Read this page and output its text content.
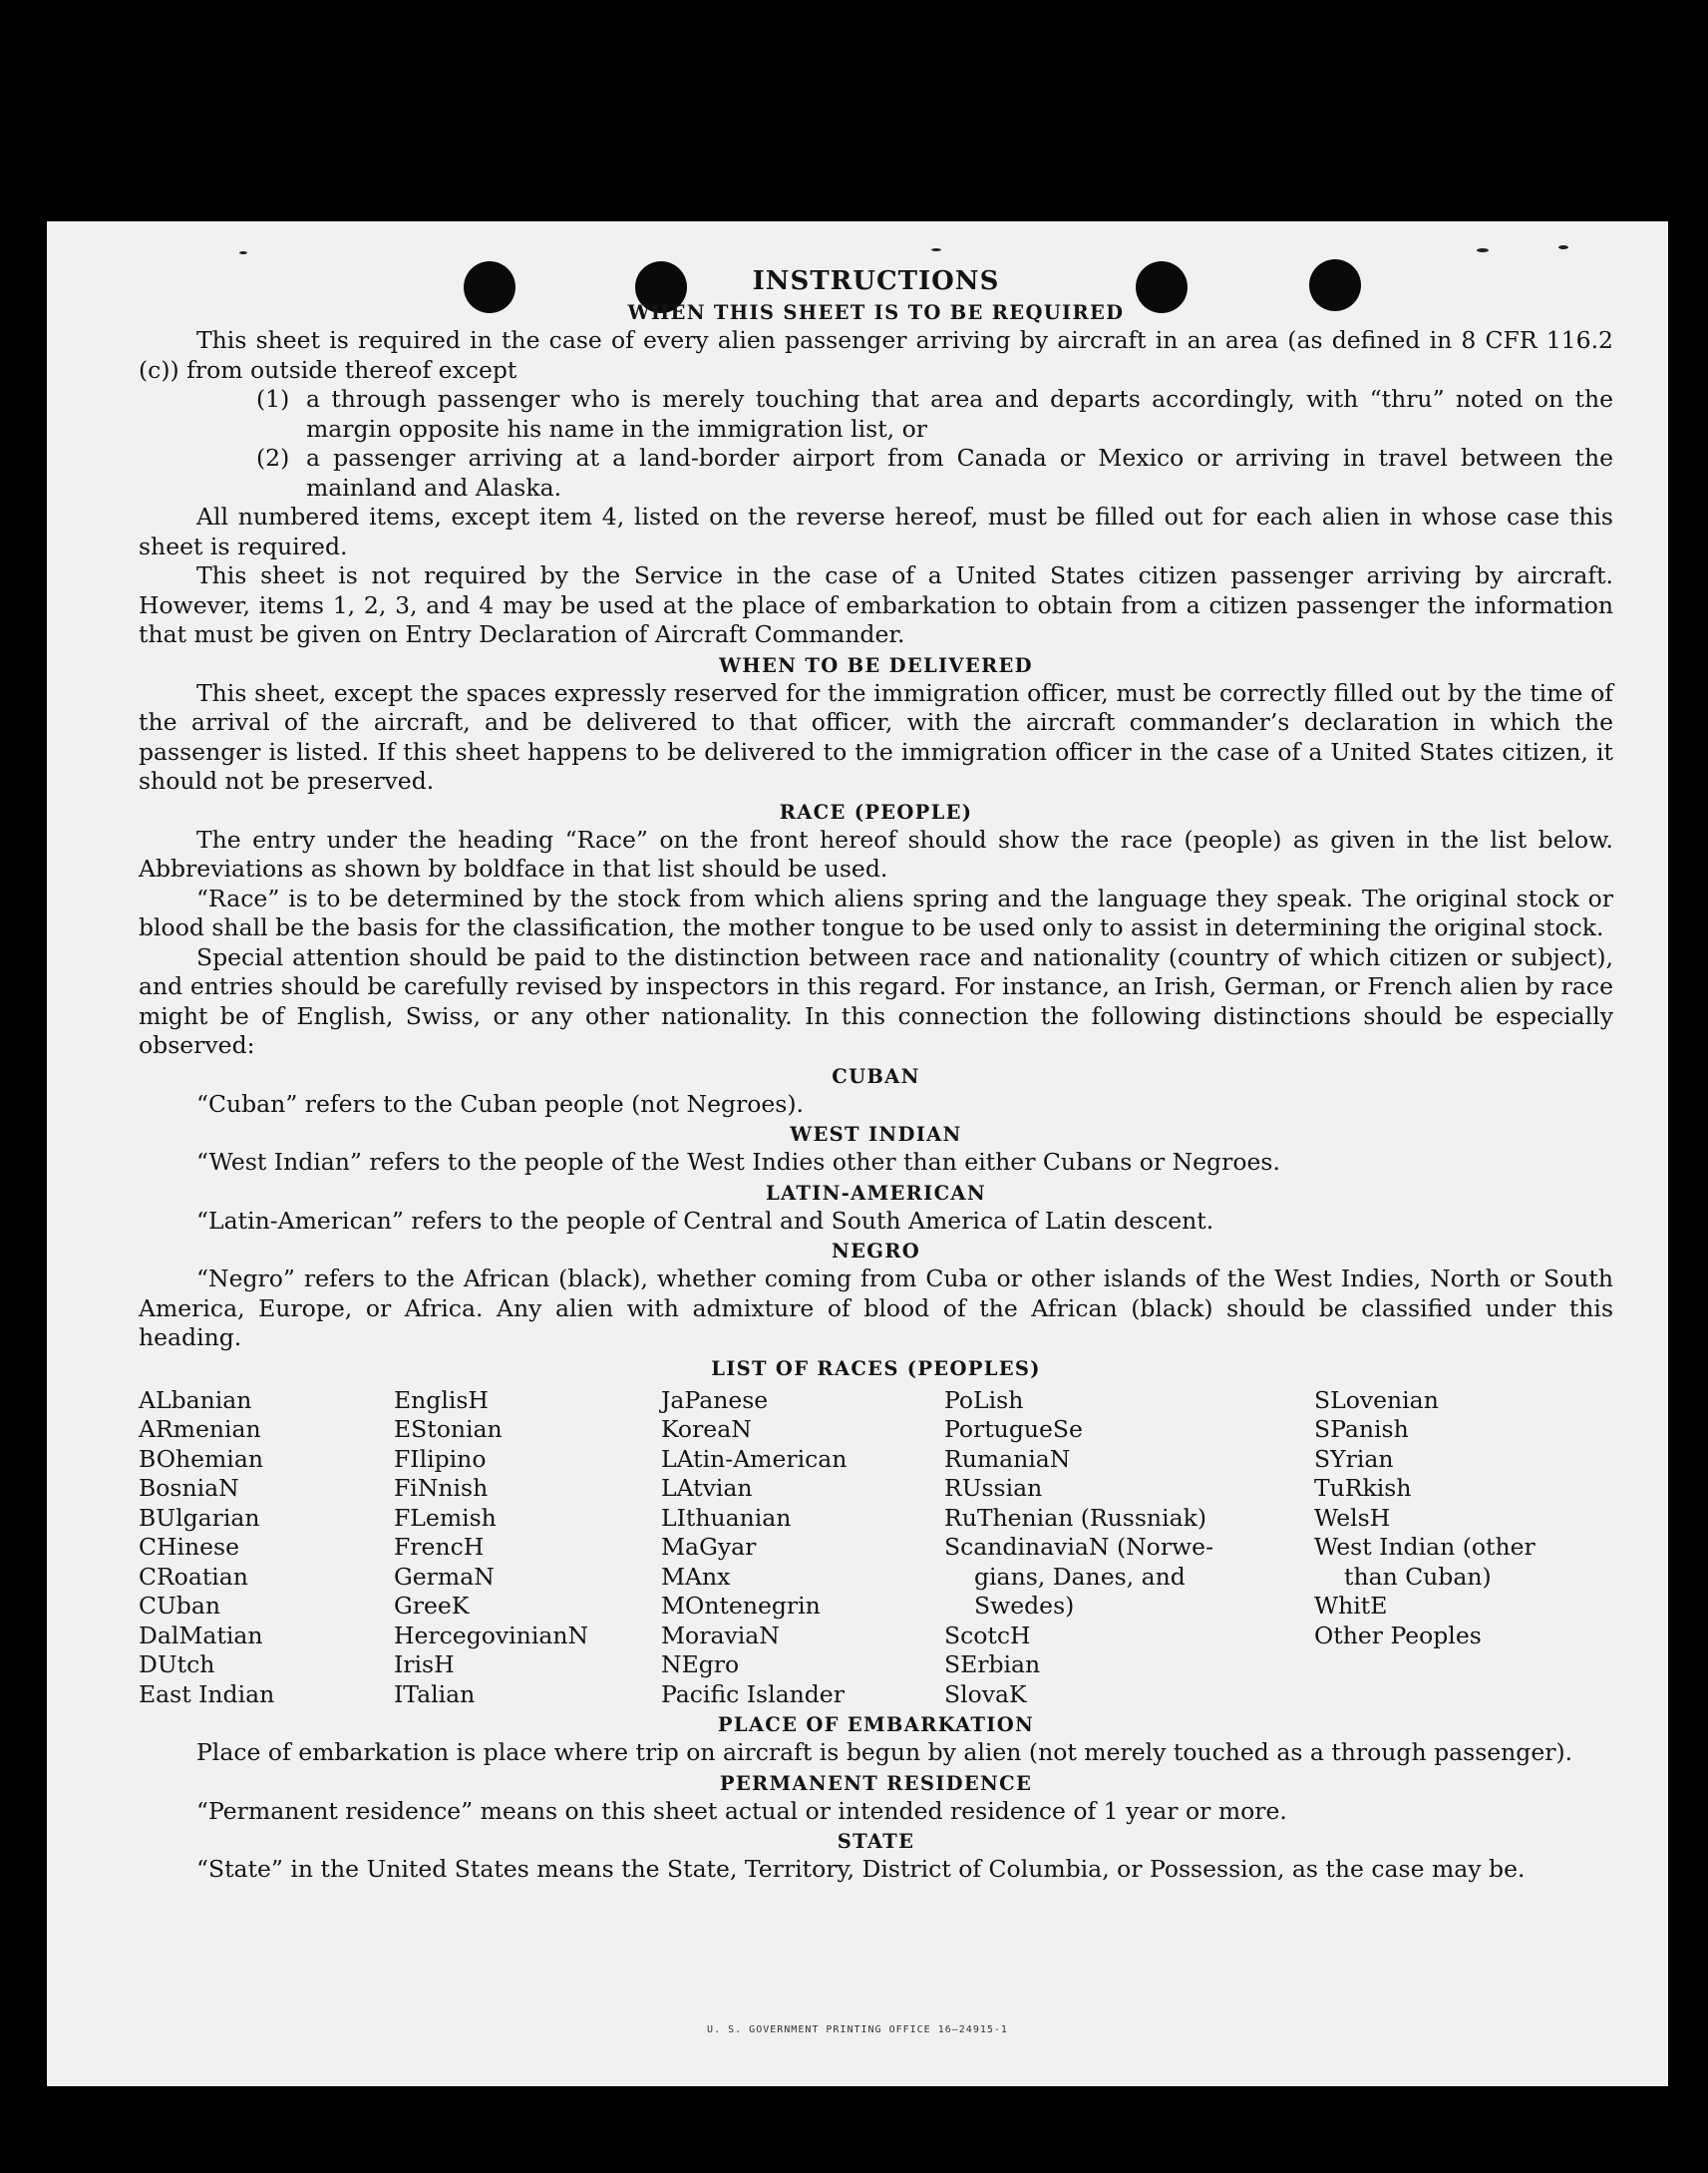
INSTRUCTIONS
WHEN THIS SHEET IS TO BE REQUIRED

This sheet is required in the case of every alien passenger arriving by aircraft in an area (as defined in 8 CFR 116.2 (c)) from outside thereof except

(1) a through passenger who is merely touching that area and departs accordingly, with “thru” noted on the margin opposite his name in the immigration list, or
(2) a passenger arriving at a land-border airport from Canada or Mexico or arriving in travel between the mainland and Alaska.

All numbered items, except item 4, listed on the reverse hereof, must be filled out for each alien in whose case this sheet is required.

This sheet is not required by the Service in the case of a United States citizen passenger arriving by aircraft. However, items 1, 2, 3, and 4 may be used at the place of embarkation to obtain from a citizen passenger the information that must be given on Entry Declaration of Aircraft Commander.

WHEN TO BE DELIVERED

This sheet, except the spaces expressly reserved for the immigration officer, must be correctly filled out by the time of the arrival of the aircraft, and be delivered to that officer, with the aircraft commander’s declaration in which the passenger is listed. If this sheet happens to be delivered to the immigration officer in the case of a United States citizen, it should not be preserved.

RACE (PEOPLE)

The entry under the heading “Race” on the front hereof should show the race (people) as given in the list below. Abbreviations as shown by boldface in that list should be used.

“Race” is to be determined by the stock from which aliens spring and the language they speak. The original stock or blood shall be the basis for the classification, the mother tongue to be used only to assist in determining the original stock.

Special attention should be paid to the distinction between race and nationality (country of which citizen or subject), and entries should be carefully revised by inspectors in this regard. For instance, an Irish, German, or French alien by race might be of English, Swiss, or any other nationality. In this connection the following distinctions should be especially observed:

CUBAN

“Cuban” refers to the Cuban people (not Negroes).

WEST INDIAN

“West Indian” refers to the people of the West Indies other than either Cubans or Negroes.

LATIN-AMERICAN

“Latin-American” refers to the people of Central and South America of Latin descent.

NEGRO

“Negro” refers to the African (black), whether coming from Cuba or other islands of the West Indies, North or South America, Europe, or Africa. Any alien with admixture of blood of the African (black) should be classified under this heading.

LIST OF RACES (PEOPLES)
ALbanian
ARmenian
BOhemian
BosniaN
BUlgarian
CHinese
CRoatian
CUban
DalMatian
DUtch
East Indian
EnglisH
EStonian
FIlipino
FiNnish
FLemish
FrencH
GermaN
GreeK
HercegovinianN
IrisH
ITalian
JaPanese
KoreaN
LAtin-American
LAtvian
LIthuanian
MaGyar
MAnx
MOntenegrin
MoraviaN
NEgro
Pacific Islander
PoLish
PortugueSe
RumaniaN
RUssian
RuThenian (Russniak)
ScandinaviaN (Norwe-
gians, Danes, and
Swedes)
ScotcH
SErbian
SlovaK
SLovenian
SPanish
SYrian
TuRkish
WelsH
West Indian (other
than Cuban)
WhitE
Other Peoples
PLACE OF EMBARKATION

Place of embarkation is place where trip on aircraft is begun by alien (not merely touched as a through passenger).

PERMANENT RESIDENCE

“Permanent residence” means on this sheet actual or intended residence of 1 year or more.

STATE

“State” in the United States means the State, Territory, District of Columbia, or Possession, as the case may be.

U. S. GOVERNMENT PRINTING OFFICE 16—24915-1
